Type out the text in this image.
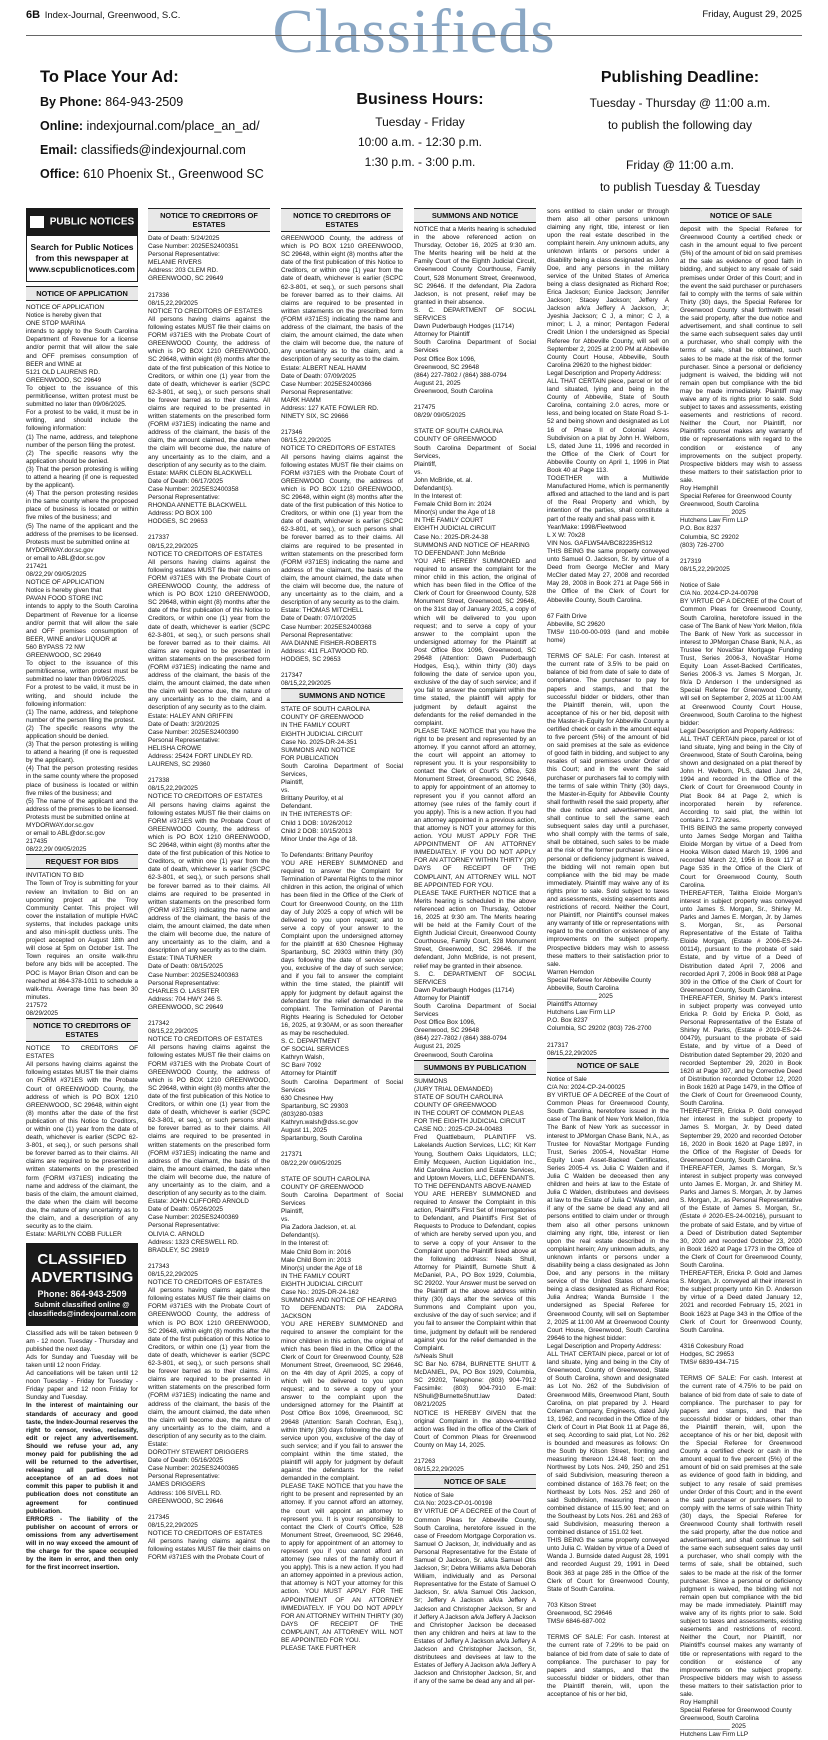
Classifieds
6B Index-Journal, Greenwood, S.C.	Friday, August 29, 2025
To Place Your Ad:
By Phone: 864-943-2509
Online: indexjournal.com/place_an_ad/
Email: classifieds@indexjournal.com
Office: 610 Phoenix St., Greenwood SC
Business Hours:
Tuesday - Friday
10:00 a.m. - 12:30 p.m.
1:30 p.m. - 3:00 p.m.
Publishing Deadline:
Tuesday - Thursday @ 11:00 a.m.
to publish the following day
Friday @ 11:00 a.m.
to publish Tuesday & Tuesday
PUBLIC NOTICES
Search for Public Notices from this newspaper at www.scpublicnotices.com
NOTICE OF APPLICATION

NOTICE OF APPLICATION
Notice is hereby given that
ONE STOP MARINA
intends to apply to the South Carolina Department of Revenue for a license and/or permit that will allow the sale and OFF premises consumption of BEER and WINE at
5121 OLD LAURENS RD.
GREENWOOD, SC 29649
To object to the issuance of this permit/license, written protest must be submitted no later than 09/06/2025.
For a protest to be valid, it must be in writing, and should include the following information:
(1) The name, address, and telephone number of the person filing the protest.
(2) The specific reasons why the application should be denied.
(3) That the person protesting is willing to attend a hearing (if one is requested by the applicant).
(4) That the person protesting resides in the same county where the proposed place of business is located or within five miles of the business; and
(5) The name of the applicant and the address of the premises to be licensed. Protests must be submitted online at
MYDORWAY.dor.sc.gov
or email to ABL@dor.sc.gov
217421
08/22,29/ 09/05/2025
NOTICE OF APPLICATION
Notice is hereby given that
PAVAN FOOD STORE INC
intends to apply to the South Carolina Department of Revenue for a license and/or permit that will allow the sale and OFF premises consumption of BEER, WINE and/or LIQUOR at
560 BYPASS 72 NW
GREENWOOD, SC 29649
To object to the issuance of this permit/license, written protest must be submitted no later than 09/06/2025.
For a protest to be valid, it must be in writing, and should include the following information:
(1) The name, address, and telephone number of the person filing the protest.
(2) The specific reasons why the application should be denied.
(3) That the person protesting is willing to attend a hearing (if one is requested by the applicant).
(4) That the person protesting resides in the same county where the proposed place of business is located or within five miles of the business; and
(5) The name of the applicant and the address of the premises to be licensed. Protests must be submitted online at
MYDORWAY.dor.sc.gov
or email to ABL@dor.sc.gov
217435
08/22,29/ 09/05/2025

REQUEST FOR BIDS

INVITATION TO BID
The Town of Troy is submitting for your review an Invitation to Bid on an upcoming project at the Troy Community Center. This project will cover the installation of multiple HVAC systems, that includes package units and also mini-split ductless units. The project accepted on August 18th and will close at 5pm on October 1st. The Town requires an onsite walk-thru before any bids will be accepted. The POC is Mayor Brian Olson and can be reached at 864-378-1011 to schedule a walk-thru. Average time has been 30 minutes.
217572
08/29/2025

NOTICE TO CREDITORS OF ESTATES

NOTICE TO CREDITORS OF ESTATES
All persons having claims against the following estates MUST file their claims on FORM #371ES with the Probate Court of GREENWOOD County, the address of which is PO BOX 1210 GREENWOOD, SC 29648, within eight (8) months after the date of the first publication of this Notice to Creditors, or within one (1) year from the date of death, whichever is earlier (SCPC 62-3-801, et seq.), or such persons shall be forever barred as to their claims. All claims are required to be presented in written statements on the prescribed form (FORM #371ES) indicating the name and address of the claimant, the basis of the claim, the amount claimed, the date when the claim will become due, the nature of any uncertainty as to the claim, and a description of any security as to the claim.
Estate: MARILYN COBB FULLER

CLASSIFIED ADVERTISING
Phone: 864-943-2509
Submit classified online @ classifieds@indexjournal.com

Classified ads will be taken between 9 am - 12 noon. Tuesday - Thursday and published the next day.
Ads for Sunday and Tuesday will be taken until 12 noon Friday.
Ad cancellations will be taken until 12 noon Tuesday - Friday for Tuesday - Friday paper and 12 noon Friday for Sunday and Tuesday.

In the interest of maintaining our standards of accuracy and good taste, the Index-Journal reserves the right to censor, revise, reclassify, edit or reject any advertisement. Should we refuse your ad, any money paid for publishing the ad will be returned to the advertiser, releasing all parties. Initial acceptance of an ad does not commit this paper to publish it and publication does not constitute an agreement for continued publication.

ERRORS - The liability of the publisher on account of errors or omissions from any advertisement will in no way exceed the amount of the charge for the space occupied by the item in error, and then only for the first incorrect insertion.

NOTICE TO CREDITORS OF ESTATES

Date of Death: 5/24/2025
Case Number: 2025ES2400351
Personal Representative:
MELANIE RIVERS
Address: 203 CLEM RD.
GREENWOOD, SC 29649

217336
08/15,22,29/2025
NOTICE TO CREDITORS OF ESTATES
All persons having claims against the following estates MUST file their claims on FORM #371ES with the Probate Court of GREENWOOD County, the address of which is PO BOX 1210 GREENWOOD, SC 29648, within eight (8) months after the date of the first publication of this Notice to Creditors, or within one (1) year from the date of death, whichever is earlier (SCPC 62-3-801, et seq.), or such persons shall be forever barred as to their claims. All claims are required to be presented in written statements on the prescribed form (FORM #371ES) indicating the name and address of the claimant, the basis of the claim, the amount claimed, the date when the claim will become due, the nature of any uncertainty as to the claim, and a description of any security as to the claim.
Estate: MARK CLEON BLACKWELL
Date of Death: 06/17/2025
Case Number: 2025ES2400358
Personal Representative:
RHONDA ANNETTE BLACKWELL
Address: PO BOX 100
HODGES, SC 29653

217337
08/15,22,29/2025
NOTICE TO CREDITORS OF ESTATES
All persons having claims against the following estates MUST file their claims on FORM #371ES with the Probate Court of GREENWOOD County, the address of which is PO BOX 1210 GREENWOOD, SC 29648, within eight (8) months after the date of the first publication of this Notice to Creditors, or within one (1) year from the date of death, whichever is earlier (SCPC 62-3-801, et seq.), or such persons shall be forever barred as to their claims. All claims are required to be presented in written statements on the prescribed form (FORM #371ES) indicating the name and address of the claimant, the basis of the claim, the amount claimed, the date when the claim will become due, the nature of any uncertainty as to the claim, and a description of any security as to the claim.
Estate: HALEY ANN GRIFFIN
Date of Death: 3/20/2025
Case Number: 2025ES2400390
Personal Representative:
HELISHA CROWE
Address: 25424 FORT LINDLEY RD.
LAURENS, SC 29360

217338
08/15,22,29/2025
NOTICE TO CREDITORS OF ESTATES
All persons having claims against the following estates MUST file their claims on FORM #371ES with the Probate Court of GREENWOOD County, the address of which is PO BOX 1210 GREENWOOD, SC 29648, within eight (8) months after the date of the first publication of this Notice to Creditors, or within one (1) year from the date of death, whichever is earlier (SCPC 62-3-801, et seq.), or such persons shall be forever barred as to their claims. All claims are required to be presented in written statements on the prescribed form (FORM #371ES) indicating the name and address of the claimant, the basis of the claim, the amount claimed, the date when the claim will become due, the nature of any uncertainty as to the claim, and a description of any security as to the claim.
Estate: TINA TURNER
Date of Death: 08/15/2025
Case Number: 2025ES2400363
Personal Representative:
CHARLES O. LASSITER
Address: 704 HWY 246 S.
GREENWOOD, SC 29649

217342
08/15,22,29/2025
NOTICE TO CREDITORS OF ESTATES
All persons having claims against the following estates MUST file their claims on FORM #371ES with the Probate Court of GREENWOOD County, the address of which is PO BOX 1210 GREENWOOD, SC 29648, within eight (8) months after the date of the first publication of this Notice to Creditors, or within one (1) year from the date of death, whichever is earlier (SCPC 62-3-801, et seq.), or such persons shall be forever barred as to their claims. All claims are required to be presented in written statements on the prescribed form (FORM #371ES) indicating the name and address of the claimant, the basis of the claim, the amount claimed, the date when the claim will become due, the nature of any uncertainty as to the claim, and a description of any security as to the claim.
Estate: JOHN CLIFFORD ARNOLD
Date of Death: 05/26/2025
Case Number: 2025ES2400369
Personal Representative:
OLIVIA C. ARNOLD
Address: 1323 CRESWELL RD.
BRADLEY, SC 29819

217343
08/15,22,29/2025
NOTICE TO CREDITORS OF ESTATES
All persons having claims against the following estates MUST file their claims on FORM #371ES with the Probate Court of GREENWOOD County, the address of which is PO BOX 1210 GREENWOOD, SC 29648, within eight (8) months after the date of the first publication of this Notice to Creditors, or within one (1) year from the date of death, whichever is earlier (SCPC 62-3-801, et seq.), or such persons shall be forever barred as to their claims. All claims are required to be presented in written statements on the prescribed form (FORM #371ES) indicating the name and address of the claimant, the basis of the claim, the amount claimed, the date when the claim will become due, the nature of any uncertainty as to the claim, and a description of any security as to the claim.
Estate:
DOROTHY STEWERT DRIGGERS
Date of Death: 05/16/2025
Case Number: 2025ES2400365
Personal Representative:
JAMES DRIGGERS
Address: 106 SIVELL RD.
GREENWOOD, SC 29646

217345
08/15,22,29/2025
NOTICE TO CREDITORS OF ESTATES
All persons having claims against the following estates MUST file their claims on FORM #371ES with the Probate Court of

NOTICE TO CREDITORS OF ESTATES

GREENWOOD County, the address of which is PO BOX 1210 GREENWOOD, SC 29648, within eight (8) months after the date of the first publication of this Notice to Creditors, or within one (1) year from the date of death, whichever is earlier (SCPC 62-3-801, et seq.), or such persons shall be forever barred as to their claims. All claims are required to be presented in written statements on the prescribed form (FORM #371ES) indicating the name and address of the claimant, the basis of the claim, the amount claimed, the date when the claim will become due, the nature of any uncertainty as to the claim, and a description of any security as to the claim.
Estate: ALBERT NEAL HAMM
Date of Death: 07/09/2025
Case Number: 2025ES2400366
Personal Representative:
MARK HAMM
Address: 127 KATE FOWLER RD.
NINETY SIX, SC 29666

217346
08/15,22,29/2025
NOTICE TO CREDITORS OF ESTATES
All persons having claims against the following estates MUST file their claims on FORM #371ES with the Probate Court of GREENWOOD County, the address of which is PO BOX 1210 GREENWOOD, SC 29648, within eight (8) months after the date of the first publication of this Notice to Creditors, or within one (1) year from the date of death, whichever is earlier (SCPC 62-3-801, et seq.), or such persons shall be forever barred as to their claims. All claims are required to be presented in written statements on the prescribed form (FORM #371ES) indicating the name and address of the claimant, the basis of the claim, the amount claimed, the date when the claim will become due, the nature of any uncertainty as to the claim, and a description of any security as to the claim.
Estate: THOMAS MITCHELL
Date of Death: 07/10/2025
Case Number: 2025ES2400368
Personal Representative:
AVA DIANNE FISHER-ROBERTS
Address: 411 FLATWOOD RD.
HODGES, SC 29653

217347
08/15,22,29/2025

SUMMONS AND NOTICE

STATE OF SOUTH CAROLINA
COUNTY OF GREENWOOD
IN THE FAMILY COURT
EIGHTH JUDICIAL CIRCUIT
Case No. 2025-DR-24-351
SUMMONS AND NOTICE
FOR PUBLICATION
South Carolina Department of Social Services,
Plaintiff,
vs.
Brittany Peurifoy, et al
Defendant.
IN THE INTERESTS OF:
Child 1 DOB: 10/26/2012
Child 2 DOB: 10/15/2013
Minor Under the Age of 18.

To Defendants: Brittany Peurifoy
YOU ARE HEREBY SUMMONED and required to answer the Complaint for Termination of Parental Rights to the minor children in this action, the original of which has been filed in the Office of the Clerk of Court for Greenwood County, on the 11th day of July 2025 a copy of which will be delivered to you upon request; and to serve a copy of your answer to the Complaint upon the undersigned attorney for the plaintiff at 630 Chesnee Highway Spartanburg, SC 29303 within thirty (30) days following the date of service upon you, exclusive of the day of such service; and if you fail to answer the complaint within the time stated, the plaintiff will apply for judgment by default against the defendant for the relief demanded in the complaint. The Termination of Parental Rights Hearing is Scheduled for October 16, 2025, at 9:30AM, or as soon thereafter as may be rescheduled.
S. C. DEPARTMENT
OF SOCIAL SERVICES
Kathryn Walsh,
SC Bar# 7092
Attorney for Plaintiff
South Carolina Department of Social Services
630 Chesnee Hwy
Spartanburg, SC 29303
(803)280-0383
Kathryn.walsh@dss.sc.gov
August 11, 2025
Spartanburg, South Carolina

217371
08/22,29/ 09/05/2025

STATE OF SOUTH CAROLINA
COUNTY OF GREENWOOD
South Carolina Department of Social Services
Plaintiff,
vs.
Pia Zadora Jackson, et. al.
Defendant(s).
In the Interest of:
Male Child Born in: 2016
Male Child Born in: 2013
Minor(s) under the Age of 18
IN THE FAMILY COURT
EIGHTH JUDICIAL CIRCUIT
Case No.: 2025-DR-24-162
SUMMONS AND NOTICE OF HEARING
TO DEFENDANTS: PIA ZADORA JACKSON
YOU ARE HEREBY SUMMONED and required to answer the complaint for the minor children in this action, the original of which has been filed in the Office of the Clerk of Court for Greenwood County, 528 Monument Street, Greenwood, SC 29646, on the 4th day of April 2025, a copy of which will be delivered to you upon request; and to serve a copy of your answer to the complaint upon the undersigned attorney for the Plaintiff at Post Office Box 1096, Greenwood, SC 29648 (Attention: Sarah Cochran, Esq.), within thirty (30) days following the date of service upon you, exclusive of the day of such service; and if you fail to answer the complaint within the time stated, the plaintiff will apply for judgment by default against the defendants for the relief demanded in the complaint.
PLEASE TAKE NOTICE that you have the right to be present and represented by an attorney. If you cannot afford an attorney, the court will appoint an attorney to represent you. It is your responsibility to contact the Clerk of Court's Office, 528 Monument Street, Greenwood, SC 29646, to apply for appointment of an attorney to represent you if you cannot afford an attorney (see rules of the family court if you apply). This is a new action. If you had an attorney appointed in a previous action, that attorney is NOT your attorney for this action. YOU MUST APPLY FOR THE APPOINTMENT OF AN ATTORNEY IMMEDIATELY. IF YOU DO NOT APPLY FOR AN ATTORNEY WITHIN THIRTY (30) DAYS OF RECEIPT OF THE COMPLAINT, AN ATTORNEY WILL NOT BE APPOINTED FOR YOU.
PLEASE TAKE FURTHER

SUMMONS AND NOTICE

NOTICE that a Merits hearing is scheduled in the above referenced action on Thursday, October 16, 2025 at 9:30 am. The Merits hearing will be held at the Family Court of the Eighth Judicial Circuit, Greenwood County Courthouse, Family Court, 528 Monument Street, Greenwood, SC 29646. If the defendant, Pia Zadora Jackson, is not present, relief may be granted in their absence.
S. C. DEPARTMENT OF SOCIAL SERVICES
Dawn Puderbaugh Hodges (11714)
Attorney for Plaintiff
South Carolina Department of Social Services
Post Office Box 1096,
Greenwood, SC 29648
(864) 227-7802 / (864) 388-0794
August 21, 2025
Greenwood, South Carolina

217475
08/29/ 09/05/2025

STATE OF SOUTH CAROLINA
COUNTY OF GREENWOOD
South Carolina Department of Social Services,
Plaintiff,
vs.
John McBride, et. al.
Defendant(s).
In the Interest of:
Female Child Born in: 2024
Minor(s) under the Age of 18
IN THE FAMILY COURT
EIGHTH JUDICIAL CIRCUIT
Case No.: 2025-DR-24-38
SUMMONS AND NOTICE OF HEARING
TO DEFENDANT: John McBride
YOU ARE HEREBY SUMMONED and required to answer the complaint for the minor child in this action, the original of which has been filed in the Office of the Clerk of Court for Greenwood County, 528 Monument Street, Greenwood, SC 29646, on the 31st day of January 2025, a copy of which will be delivered to you upon request; and to serve a copy of your answer to the complaint upon the undersigned attorney for the Plaintiff at Post Office Box 1096, Greenwood, SC 29648 (Attention: Dawn Puderbaugh Hodges, Esq.), within thirty (30) days following the date of service upon you, exclusive of the day of such service; and if you fail to answer the complaint within the time stated, the plaintiff will apply for judgment by default against the defendants for the relief demanded in the complaint.
PLEASE TAKE NOTICE that you have the right to be present and represented by an attorney. If you cannot afford an attorney, the court will appoint an attorney to represent you. It is your responsibility to contact the Clerk of Court's Office, 528 Monument Street, Greenwood, SC 29646, to apply for appointment of an attorney to represent you if you cannot afford an attorney (see rules of the family court if you apply). This is a new action. If you had an attorney appointed in a previous action, that attorney is NOT your attorney for this action. YOU MUST APPLY FOR THE APPOINTMENT OF AN ATTORNEY IMMEDIATELY. IF YOU DO NOT APPLY FOR AN ATTORNEY WITHIN THIRTY (30) DAYS OF RECEIPT OF THE COMPLAINT, AN ATTORNEY WILL NOT BE APPOINTED FOR YOU.
PLEASE TAKE FURTHER NOTICE that a Merits hearing is scheduled in the above referenced action on Thursday, October 16, 2025 at 9:30 am. The Merits hearing will be held at the Family Court of the Eighth Judicial Circuit, Greenwood County Courthouse, Family Court, 528 Monument Street, Greenwood, SC 29646. If the defendant, John McBride, is not present, relief may be granted in their absence.
S. C. DEPARTMENT OF SOCIAL SERVICES
Dawn Puderbaugh Hodges (11714)
Attorney for Plaintiff
South Carolina Department of Social Services
Post Office Box 1096,
Greenwood, SC 29648
(864) 227-7802 / (864) 388-0794
August 21, 2025
Greenwood, South Carolina

SUMMONS BY PUBLICATION

SUMMONS
(JURY TRIAL DEMANDED)
STATE OF SOUTH CAROLINA
COUNTY OF GREENWOOD
IN THE COURT OF COMMON PLEAS
FOR THE EIGHTH JUDICIAL CIRCUIT
CASE NO.: 2025-CP-24-00483
Fred Quattlebaum, PLAINTIFF VS. Lakelands Auction Services, LLC; Kit Kerr Young, Southern Oaks Liquidators, LLC; Emily Mcqueen, Auction Liquidation Inc., Mid Carolina Auction and Estate Services, and Uptown Movers, LLC, DEFENDANTS.
TO THE DEFENDANTS ABOVE-NAMED
YOU ARE HEREBY SUMMONED and required to Answer the Complaint in this action, Plaintiff's First Set of Interrogatories to Defendant, and Plaintiff's First Set of Requests to Produce to Defendant, copies of which are hereby served upon you, and to serve a copy of your Answer to the Complaint upon the Plaintiff listed above at the following address: Neals Shull, Attorney for Plaintiff, Burnette Shutt & McDaniel, P.A., PO Box 1929, Columbia, SC 29202. Your Answer must be served on the Plaintiff at the above address within thirty (30) days after the service of this Summons and Complaint upon you, exclusive of the day of such service; and if you fail to answer the Complaint within that time, judgment by default will be rendered against you for the relief demanded in the Complaint.
/s/Neals Shull
SC Bar No. 6784, BURNETTE SHUTT & McDANIEL, PA, PO Box 1929, Columbia, SC 29202, Telephone: (803) 904-7912 Facsimile: (803) 904-7910 E-mail: NShull@BurnetteShutt.law Dated: 08/21/2025
NOTICE IS HEREBY GIVEN that the original Complaint in the above-entitled action was filed in the office of the Clerk of Court of Common Pleas for Greenwood County on May 14, 2025.

217263
08/15,22,29/2025

NOTICE OF SALE

Notice of Sale
C/A No: 2023-CP-01-00198
BY VIRTUE OF A DECREE of the Court of Common Pleas for Abbeville County, South Carolina, heretofore issued in the case of Freedom Mortgage Corporation vs. Samuel O Jackson, Jr, individually and as Personal Representative for the Estate of Samuel O Jackson, Sr. a/k/a Samuel Otis Jackson, Sr; Debra Williams a/k/a Deborah William, individually and as Personal Representative for the Estate of Samuel O Jackson, Sr. a/k/a Samuel Otis Jackson, Sr; Jeffery A Jackson a/k/a Jeffery A Jackson and Christopher Jackson, Sr and if Jeffery A Jackson a/k/a Jeffery A Jackson and Christopher Jackson be deceased then any children and heirs at law to the Estates of Jeffery A Jackson a/k/a Jeffery A Jackson and Christopher Jackson, Sr, distributees and devisees at law to the Estates of Jeffery A Jackson a/k/a Jeffery A Jackson and Christopher Jackson, Sr, and if any of the same be dead any and all per-

sons entitled to claim under or through them also all other persons unknown claiming any right, title, interest or lien upon the real estate described in the complaint herein. Any unknown adults, any unknown infants or persons under a disability being a class designated as John Doe, and any persons in the military service of the United States of America being a class designated as Richard Roe; Erica Jackson; Eunice Jackson; Jennifer Jackson; Stacey Jackson; Jeffery A Jackson a/k/a Jeffery A Jackson, Jr; Jyeshia Jackson; C J, a minor; C J, a minor; L J, a minor; Pentagon Federal Credit Union I the undersigned as Special Referee for Abbeville County, will sell on September 2, 2025 at 2:00 PM at Abbeville County Court House, Abbeville, South Carolina 29620 to the highest bidder:
Legal Description and Property Address:
ALL THAT CERTAIN piece, parcel or lot of land situated, lying and being in the County of Abbeville, State of South Carolina, containing 2.0 acres, more or less, and being located on State Road S-1-52 and being shown and designated as Lot 16 of Phase II of Colonial Acres Subdivision on a plat by John H. Welborn, LS, dated June 11, 1996 and recorded in the Office of the Clerk of Court for Abbeville County on April 1, 1996 in Plat Book 40 at Page 113.
TOGETHER with a Multiwide Manufactured Home, which is permanently affixed and attached to the land and is part of the Real Property and which, by intention of the parties, shall constitute a part of the realty and shall pass with it.
Year/Make: 1998/Fleetwood
L X W: 70x28
VIN Nos. GAFLW54A/BC82235HS12
THIS BEING the same property conveyed unto Samuel O. Jackson, Sr. by virtue of a Deed from George McCler and Mary McCler dated May 27, 2008 and recorded May 28, 2008 in Book 271 at Page 566 in the Office of the Clerk of Court for Abbeville County, South Carolina.

67 Faith Drive
Abbeville, SC 29620
TMS# 110-00-00-093 (land and mobile home)

TERMS OF SALE: For cash. Interest at the current rate of 3.5% to be paid on balance of bid from date of sale to date of compliance. The purchaser to pay for papers and stamps, and that the successful bidder or bidders, other than the Plaintiff therein, will, upon the acceptance of his or her bid, deposit with the Master-in-Equity for Abbeville County a certified check or cash in the amount equal to five percent (5%) of the amount of bid on said premises at the sale as evidence of good faith in bidding, and subject to any resales of said premises under Order of this Court; and in the event the said purchaser or purchasers fail to comply with the terms of sale within Thirty (30) days, the Master-in-Equity for Abbeville County shall forthwith resell the said property, after the due notice and advertisement, and shall continue to sell the same each subsequent sales day until a purchaser, who shall comply with the terms of sale, shall be obtained, such sales to be made at the risk of the former purchaser. Since a personal or deficiency judgment is waived, the bidding will not remain open but compliance with the bid may be made immediately. Plaintiff may waive any of its rights prior to sale. Sold subject to taxes and assessments, existing easements and restrictions of record. Neither the Court, nor Plaintiff, nor Plaintiff's counsel makes any warranty of title or representations with regard to the condition or existence of any improvements on the subject property. Prospective bidders may wish to assess these matters to their satisfaction prior to sale.
Warren Herndon
Special Referee for Abbeville County
Abbeville, South Carolina
______________ 2025
Plaintiff's Attorney
Hutchens Law Firm LLP
P.O. Box 8237
Columbia, SC 29202 (803) 726-2700

217317
08/15,22,29/2025

NOTICE OF SALE

Notice of Sale
C/A No: 2024-CP-24-00025
BY VIRTUE OF A DECREE of the Court of Common Pleas for Greenwood County, South Carolina, heretofore issued in the case of The Bank of New York Mellon, f/k/a The Bank of New York as successor in interest to JPMorgan Chase Bank, N.A., as Trustee for NovaStar Mortgage Funding Trust, Series 2005-4, NovaStar Home Equity Loan Asset-Backed Certificates, Series 2005-4 vs. Julia C Walden and if Julia C Walden be deceased then any children and heirs at law to the Estate of Julia C Walden, distributees and devisees at law to the Estate of Julia C Walden, and if any of the same be dead any and all persons entitled to claim under or through them also all other persons unknown claiming any right, title, interest or lien upon the real estate described in the complaint herein; Any unknown adults, any unknown infants or persons under a disability being a class designated as John Doe, and any persons in the military service of the United States of America being a class designated as Richard Roe; Julia Andrea; Wanda Burnside I the undersigned as Special Referee for Greenwood County, will sell on September 2, 2025 at 11:00 AM at Greenwood County Court House, Greenwood, South Carolina 29646 to the highest bidder:
Legal Description and Property Address:
ALL THAT CERTAIN piece, parcel or lot of land situate, lying and being in the City of Greenwood, County of Greenwood, State of South Carolina, shown and designated as Lot No. 262 of the Subdivision of Greenwood Mills, Greenwood Plant, South Carolina, on plat prepared by J. Heard Coleman Company, Engineers, dated July 13, 1962, and recorded in the Office of the Clerk of Court in Plat Book 11 at Page 86, et seq. According to said plat, Lot No. 262 is bounded and measures as follows: On the South by Kitson Street, fronting and measuring thereon 124.48 feet; on the Northwest by Lots Nos. 249, 250 and 251 of said Subdivision, measuring thereon a combined distance of 163.76 feet; on the Northeast by Lots Nos. 252 and 260 of said Subdivision, measuring thereon a combined distance of 115.90 feet; and on the Southeast by Lots Nos. 261 and 263 of said Subdivision, measuring thereon a combined distance of 151.02 feet.
THIS BEING the same property conveyed unto Julia C. Walden by virtue of a Deed of Wanda J. Burnside dated August 28, 1991 and recorded August 29, 1991 in Deed Book 363 at page 285 in the Office of the Clerk of Court for Greenwood County, State of South Carolina.

703 Kitson Street
Greenwood, SC 29646
TMS# 6846-687-002

TERMS OF SALE: For cash. Interest at the current rate of 7.29% to be paid on balance of bid from date of sale to date of compliance. The purchaser to pay for papers and stamps, and that the successful bidder or bidders, other than the Plaintiff therein, will, upon the acceptance of his or her bid,

NOTICE OF SALE

deposit with the Special Referee for Greenwood County a certified check or cash in the amount equal to five percent (5%) of the amount of bid on said premises at the sale as evidence of good faith in bidding, and subject to any resale of said premises under Order of this Court; and in the event the said purchaser or purchasers fail to comply with the terms of sale within Thirty (30) days, the Special Referee for Greenwood County shall forthwith resell the said property, after the due notice and advertisement, and shall continue to sell the same each subsequent sales day until a purchaser, who shall comply with the terms of sale, shall be obtained, such sales to be made at the risk of the former purchaser. Since a personal or deficiency judgment is waived, the bidding will not remain open but compliance with the bid may be made immediately. Plaintiff may waive any of its rights prior to sale. Sold subject to taxes and assessments, existing easements and restrictions of record. Neither the Court, nor Plaintiff, nor Plaintiff's counsel makes any warranty of title or representations with regard to the condition or existence of any improvements on the subject property. Prospective bidders may wish to assess these matters to their satisfaction prior to sale.
Roy Hemphill
Special Referee for Greenwood County
Greenwood, South Carolina
______________ 2025
Hutchens Law Firm LLP
P.O. Box 8237
Columbia, SC 29202
(803) 726-2700

217319
08/15,22,29/2025

Notice of Sale
C/A No. 2024-CP-24-00798
BY VIRTUE OF A DECREE of the Court of Common Pleas for Greenwood County, South Carolina, heretofore issued in the case of The Bank of New York Mellon, f/k/a The Bank of New York as successor in interest to JPMorgan Chase Bank, N.A., as Trustee for NovaStar Mortgage Funding Trust, Series 2006-3, NovaStar Home Equity Loan Asset-Backed Certificates, Series 2006-3 vs. James S Morgan, Jr. f/k/a D Anderson I the undersigned as Special Referee for Greenwood County, will sell on September 2, 2025 at 11:00 AM at Greenwood County Court House, Greenwood, South Carolina to the highest bidder:
Legal Description and Property Address:
ALL THAT CERTAIN piece, parcel or lot of land situate, lying and being in the City of Greenwood, State of South Carolina, being shown and designated on a plat thereof by John H. Welborn, PLS, dated June 24, 1994 and recorded in the Office of the Clerk of Court for Greenwood County in Plat Book 84 at Page 2, which is incorporated herein by reference. According to said plat, the within lot contains 1.772 acres.
THIS BEING the same property conveyed unto James Sedge Morgan and Talitha Eloide Morgan by virtue of a Deed from Hooka Wilson dated March 19, 1996 and recorded March 22, 1956 in Book 117 at Page 535 in the Office of the Clerk of Court for Greenwood County, South Carolina.
THEREAFTER, Talitha Eloide Morgan's interest in subject property was conveyed unto James S. Morgan, Sr., Shirley M. Parks and James E. Morgan, Jr. by James S. Morgan, Sr., as Personal Representative of the Estate of Talitha Eloide Morgan, (Estate # 2006-ES-24-00114), pursuant to the probate of said Estate, and by virtue of a Deed of Distribution dated April 7, 2006 and recorded April 7, 2006 in Book 988 at Page 309 in the Office of the Clerk of Court for Greenwood County, South Carolina.
THEREAFTER, Shirley M. Park's interest in subject property was conveyed unto Ericka P. Gold by Ericka P. Gold, as Personal Representative of the Estate of Shirley M. Parks, (Estate # 2019-ES-24-00479), pursuant to the probate of said Estate, and by virtue of a Deed of Distribution dated September 29, 2020 and recorded September 29, 2020 in Book 1620 at Page 307, and by Corrective Deed of Distribution recorded October 12, 2020 in Book 1620 at Page 1479, in the Office of the Clerk of Court for Greenwood County, South Carolina.
THEREAFTER, Ericka P. Gold conveyed her interest in the subject property to James S. Morgan, Jr. by Deed dated September 29, 2020 and recorded October 16, 2020 in Book 1620 at Page 1897, in the Office of the Register of Deeds for Greenwood County, South Carolina.
THEREAFTER, James S. Morgan, Sr.'s interest in subject property was conveyed unto James E. Morgan, Jr. and Shirley M. Parks and James S. Morgan, Jr. by James S. Morgan, Jr., as Personal Representative of the Estate of James S. Morgan, Sr., (Estate # 2020-ES-24-00216), pursuant to the probate of said Estate, and by virtue of a Deed of Distribution dated September 30, 2020 and recorded October 23, 2020 in Book 1620 at Page 1773 in the Office of the Clerk of Court for Greenwood County, South Carolina.
THEREAFTER, Ericka P. Gold and James S. Morgan, Jr. conveyed all their interest in the subject property unto Kin D. Anderson by virtue of a Deed dated January 12, 2021 and recorded February 15, 2021 in Book 1623 at Page 343 in the Office of the Clerk of Court for Greenwood County, South Carolina.

4316 Cokesbury Road
Hodges, SC 29653
TMS# 6839-434-715

TERMS OF SALE: For cash. Interest at the current rate of 4.75% to be paid on balance of bid from date of sale to date of compliance. The purchaser to pay for papers and stamps, and that the successful bidder or bidders, other than the Plaintiff therein, will, upon the acceptance of his or her bid, deposit with the Special Referee for Greenwood County a certified check or cash in the amount equal to five percent (5%) of the amount of bid on said premises at the sale as evidence of good faith in bidding, and subject to any resale of said premises under Order of this Court; and in the event the said purchaser or purchasers fail to comply with the terms of sale within Thirty (30) days, the Special Referee for Greenwood County shall forthwith resell the said property, after the due notice and advertisement, and shall continue to sell the same each subsequent sales day until a purchaser, who shall comply with the terms of sale, shall be obtained, such sales to be made at the risk of the former purchaser. Since a personal or deficiency judgment is waived, the bidding will not remain open but compliance with the bid may be made immediately. Plaintiff may waive any of its rights prior to sale. Sold subject to taxes and assessments, existing easements and restrictions of record. Neither the Court, nor Plaintiff, nor Plaintiff's counsel makes any warranty of title or representations with regard to the condition or existence of any improvements on the subject property. Prospective bidders may wish to assess these matters to their satisfaction prior to sale.
Roy Hemphill
Special Referee for Greenwood County
Greenwood, South Carolina
______________ 2025
Hutchens Law Firm LLP
